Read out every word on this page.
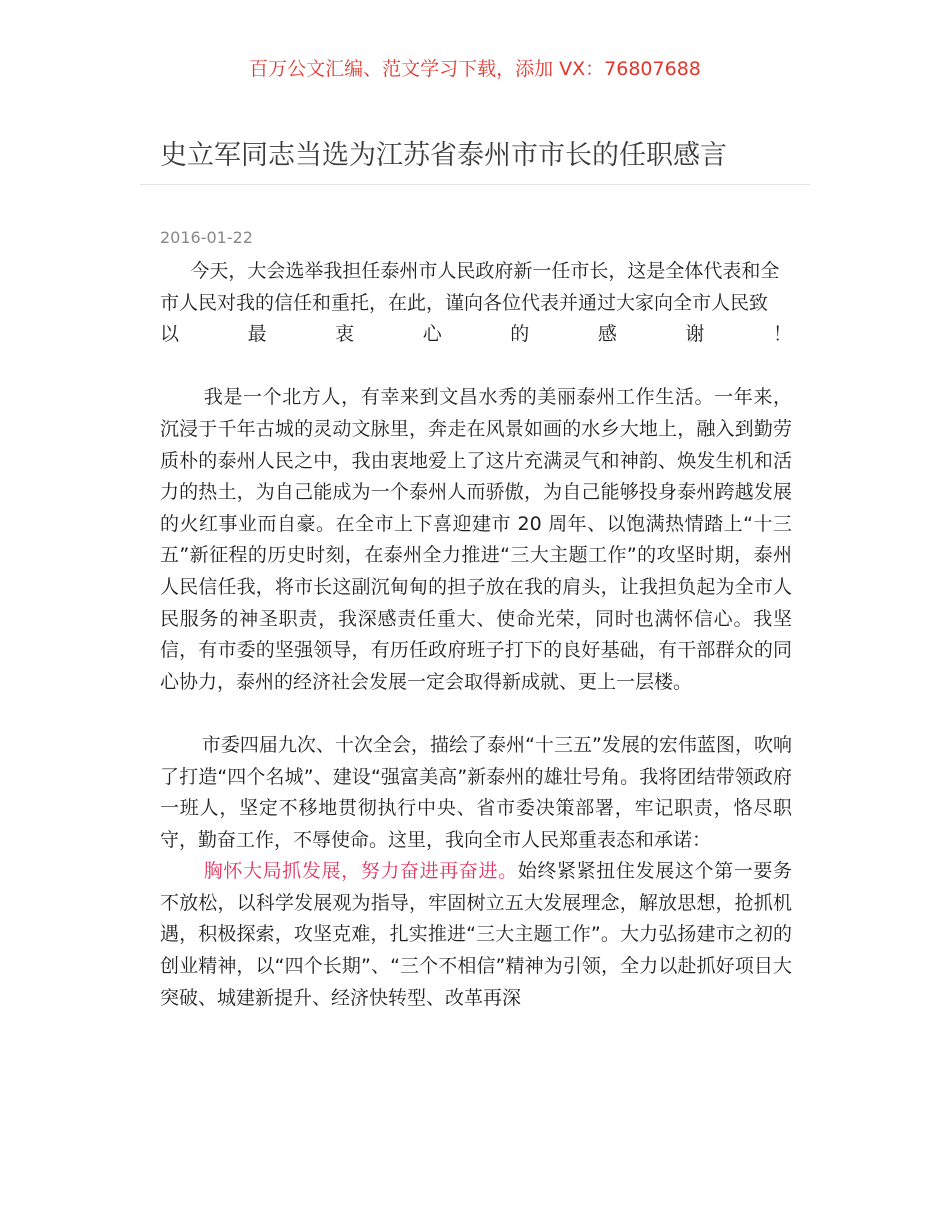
百万公文汇编、范文学习下载，添加 VX：76807688
史立军同志当选为江苏省泰州市市长的任职感言
2016-01-22

今天，大会选举我担任泰州市人民政府新一任市长，这是全体代表和全

市人民对我的信任和重托，在此，谨向各位代表并通过大家向全市人民致

以	最	衷	心	的	感	谢	！

我是一个北方人，有幸来到文昌水秀的美丽泰州工作生活。一年来，沉浸于千年古城的灵动文脉里，奔走在风景如画的水乡大地上，融入到勤劳质朴的泰州人民之中，我由衷地爱上了这片充满灵气和神韵、焕发生机和活力的热土，为自己能成为一个泰州人而骄傲，为自己能够投身泰州跨越发展的火红事业而自豪。在全市上下喜迎建市 20 周年、以饱满热情踏上“十三五”新征程的历史时刻，在泰州全力推进“三大主题工作”的攻坚时期，泰州人民信任我，将市长这副沉甸甸的担子放在我的肩头，让我担负起为全市人民服务的神圣职责，我深感责任重大、使命光荣，同时也满怀信心。我坚信，有市委的坚强领导，有历任政府班子打下的良好基础，有干部群众的同心协力，泰州的经济社会发展一定会取得新成就、更上一层楼。

市委四届九次、十次全会，描绘了泰州“十三五”发展的宏伟蓝图，吹响了打造“四个名城”、建设“强富美高”新泰州的雄壮号角。我将团结带领政府一班人，坚定不移地贯彻执行中央、省市委决策部署，牢记职责，恪尽职守，勤奋工作，不辱使命。这里，我向全市人民郑重表态和承诺：

胸怀大局抓发展，努力奋进再奋进。始终紧紧扭住发展这个第一要务不放松，以科学发展观为指导，牢固树立五大发展理念，解放思想，抢抓机遇，积极探索，攻坚克难，扎实推进“三大主题工作”。大力弘扬建市之初的创业精神，以“四个长期”、“三个不相信”精神为引领，全力以赴抓好项目大突破、城建新提升、经济快转型、改革再深
